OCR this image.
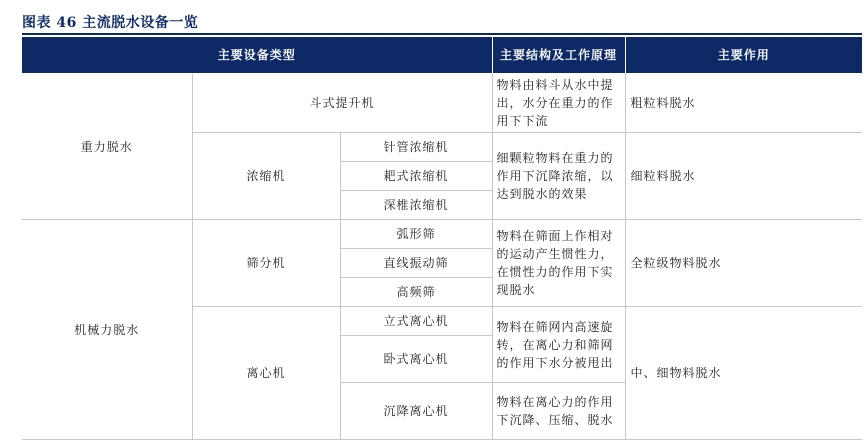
图表 46 主流脱水设备一览
主要设备类型			主要结构及工作原理	主要作用
重力脱水	斗式提升机		物料由料斗从水中提出，水分在重力的作用下下流	粗粒料脱水
	浓缩机	针管浓缩机	细颗粒物料在重力的作用下沉降浓缩，以达到脱水的效果	细粒料脱水
		耙式浓缩机		
		深椎浓缩机		
机械力脱水	筛分机	弧形筛	物料在筛面上作相对的运动产生惯性力，在惯性力的作用下实现脱水	全粒级物料脱水
		直线振动筛		
		高频筛		
	离心机	立式离心机	物料在筛网内高速旋转，在离心力和筛网的作用下水分被甩出	中、细物料脱水
		卧式离心机		
		沉降离心机	物料在离心力的作用下沉降、压缩、脱水	
